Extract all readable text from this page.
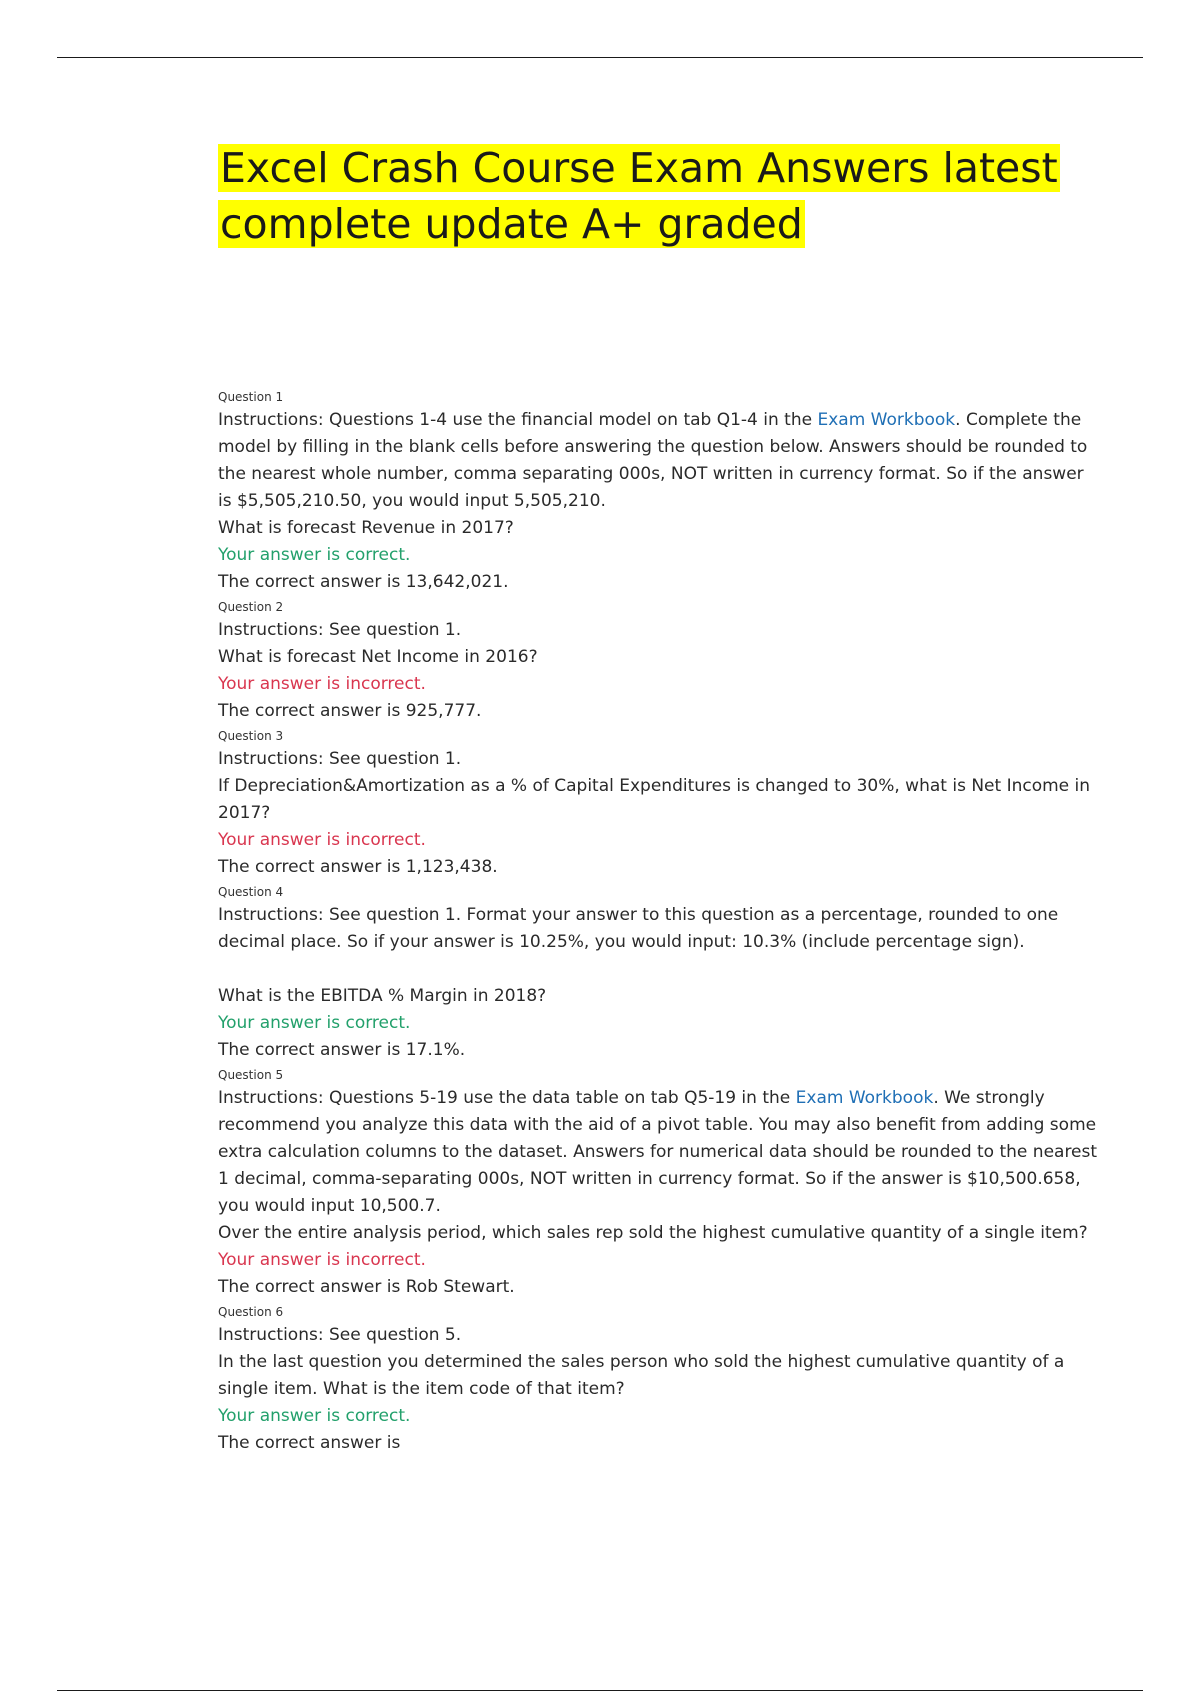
Excel Crash Course Exam Answers latest
complete update A+ graded
Question 1

Instructions: Questions 1-4 use the financial model on tab Q1-4 in the Exam Workbook. Complete the model by filling in the blank cells before answering the question below. Answers should be rounded to the nearest whole number, comma separating 000s, NOT written in currency format. So if the answer is $5,505,210.50, you would input 5,505,210.

What is forecast Revenue in 2017?

Your answer is correct.

The correct answer is 13,642,021.

Question 2

Instructions: See question 1.

What is forecast Net Income in 2016?

Your answer is incorrect.

The correct answer is 925,777.

Question 3

Instructions: See question 1.

If Depreciation&Amortization as a % of Capital Expenditures is changed to 30%, what is Net Income in 2017?

Your answer is incorrect.

The correct answer is 1,123,438.

Question 4

Instructions: See question 1. Format your answer to this question as a percentage, rounded to one decimal place. So if your answer is 10.25%, you would input: 10.3% (include percentage sign).

What is the EBITDA % Margin in 2018?

Your answer is correct.

The correct answer is 17.1%.

Question 5

Instructions: Questions 5-19 use the data table on tab Q5-19 in the Exam Workbook. We strongly recommend you analyze this data with the aid of a pivot table. You may also benefit from adding some extra calculation columns to the dataset. Answers for numerical data should be rounded to the nearest 1 decimal, comma-separating 000s, NOT written in currency format. So if the answer is $10,500.658, you would input 10,500.7.

Over the entire analysis period, which sales rep sold the highest cumulative quantity of a single item?

Your answer is incorrect.

The correct answer is Rob Stewart.

Question 6

Instructions: See question 5.

In the last question you determined the sales person who sold the highest cumulative quantity of a single item. What is the item code of that item?

Your answer is correct.

The correct answer is
